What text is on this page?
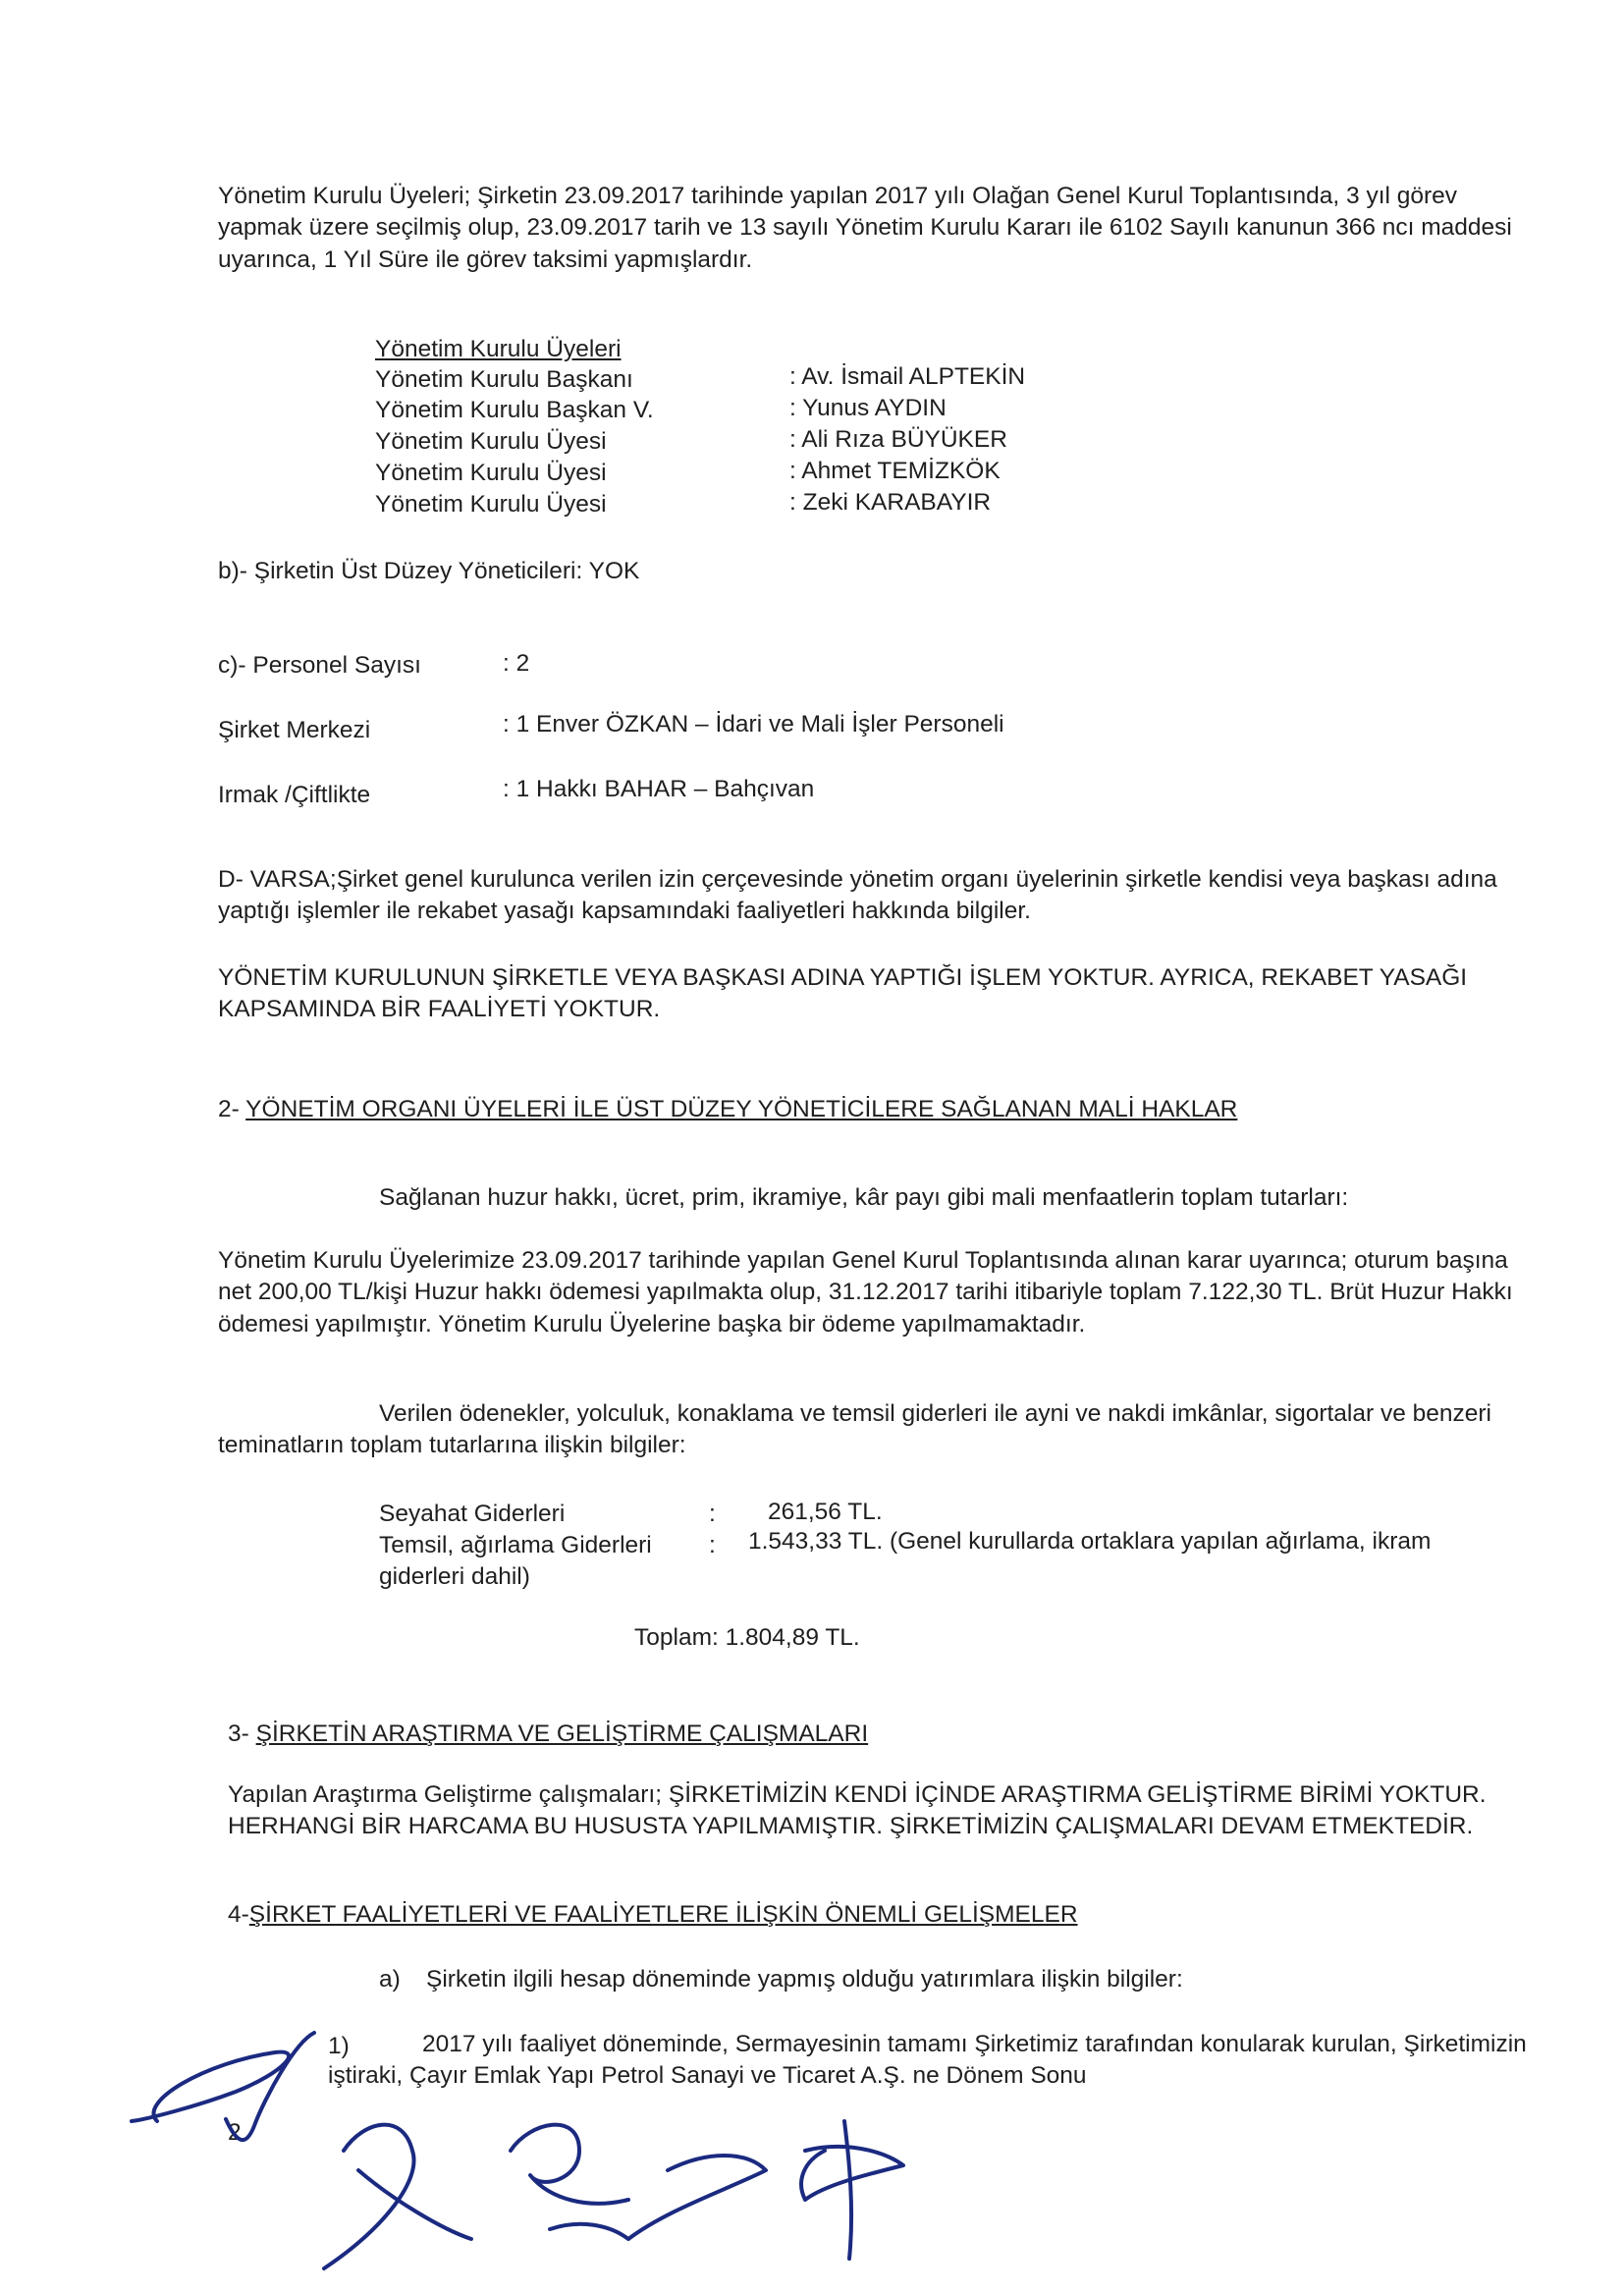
Yönetim Kurulu Üyeleri; Şirketin 23.09.2017 tarihinde yapılan 2017 yılı Olağan Genel Kurul Toplantısında, 3 yıl görev yapmak üzere seçilmiş olup, 23.09.2017 tarih ve 13 sayılı Yönetim Kurulu Kararı ile 6102 Sayılı kanunun 366 ncı maddesi uyarınca, 1 Yıl Süre ile görev taksimi yapmışlardır.

Yönetim Kurulu Üyeleri
Yönetim Kurulu Başkanı	: Av. İsmail ALPTEKİN
Yönetim Kurulu Başkan V.	: Yunus AYDIN
Yönetim Kurulu Üyesi	: Ali Rıza BÜYÜKER
Yönetim Kurulu Üyesi	: Ahmet TEMİZKÖK
Yönetim Kurulu Üyesi	: Zeki KARABAYIR

b)- Şirketin Üst Düzey Yöneticileri: YOK

c)- Personel Sayısı	: 2
Şirket Merkezi	: 1 Enver ÖZKAN – İdari ve Mali İşler Personeli
Irmak /Çiftlikte	: 1 Hakkı BAHAR – Bahçıvan

D- VARSA;Şirket genel kurulunca verilen izin çerçevesinde yönetim organı üyelerinin şirketle kendisi veya başkası adına yaptığı işlemler ile rekabet yasağı kapsamındaki faaliyetleri hakkında bilgiler.

YÖNETİM KURULUNUN ŞİRKETLE VEYA BAŞKASI ADINA YAPTIĞI İŞLEM YOKTUR. AYRICA, REKABET YASAĞI KAPSAMINDA BİR FAALİYETİ YOKTUR.

2- YÖNETİM ORGANI ÜYELERİ İLE ÜST DÜZEY YÖNETİCİLERE SAĞLANAN MALİ HAKLAR

Sağlanan huzur hakkı, ücret, prim, ikramiye, kâr payı gibi mali menfaatlerin toplam tutarları:

Yönetim Kurulu Üyelerimize 23.09.2017 tarihinde yapılan Genel Kurul Toplantısında alınan karar uyarınca; oturum başına net 200,00 TL/kişi Huzur hakkı ödemesi yapılmakta olup, 31.12.2017 tarihi itibariyle toplam 7.122,30 TL. Brüt Huzur Hakkı ödemesi yapılmıştır. Yönetim Kurulu Üyelerine başka bir ödeme yapılmamaktadır.

Verilen ödenekler, yolculuk, konaklama ve temsil giderleri ile ayni ve nakdi imkânlar, sigortalar ve benzeri teminatların toplam tutarlarına ilişkin bilgiler:

Seyahat Giderleri	: 261,56 TL.
Temsil, ağırlama Giderleri : 1.543,33 TL. (Genel kurullarda ortaklara yapılan ağırlama, ikram
giderleri dahil)
Toplam: 1.804,89 TL.

3- ŞİRKETİN ARAŞTIRMA VE GELİŞTİRME ÇALIŞMALARI

Yapılan Araştırma Geliştirme çalışmaları; ŞİRKETİMİZİN KENDİ İÇİNDE ARAŞTIRMA GELİŞTİRME BİRİMİ YOKTUR. HERHANGİ BİR HARCAMA BU HUSUSTA YAPILMAMIŞTIR. ŞİRKETİMİZİN ÇALIŞMALARI DEVAM ETMEKTEDİR.

4-ŞİRKET FAALİYETLERİ VE FAALİYETLERE İLİŞKİN ÖNEMLİ GELİŞMELER

a) Şirketin ilgili hesap döneminde yapmış olduğu yatırımlara ilişkin bilgiler:
1)	2017 yılı faaliyet döneminde, Sermayesinin tamamı Şirketimiz tarafından konularak kurulan, Şirketimizin iştiraki, Çayır Emlak Yapı Petrol Sanayi ve Ticaret A.Ş. ne Dönem Sonu

2
